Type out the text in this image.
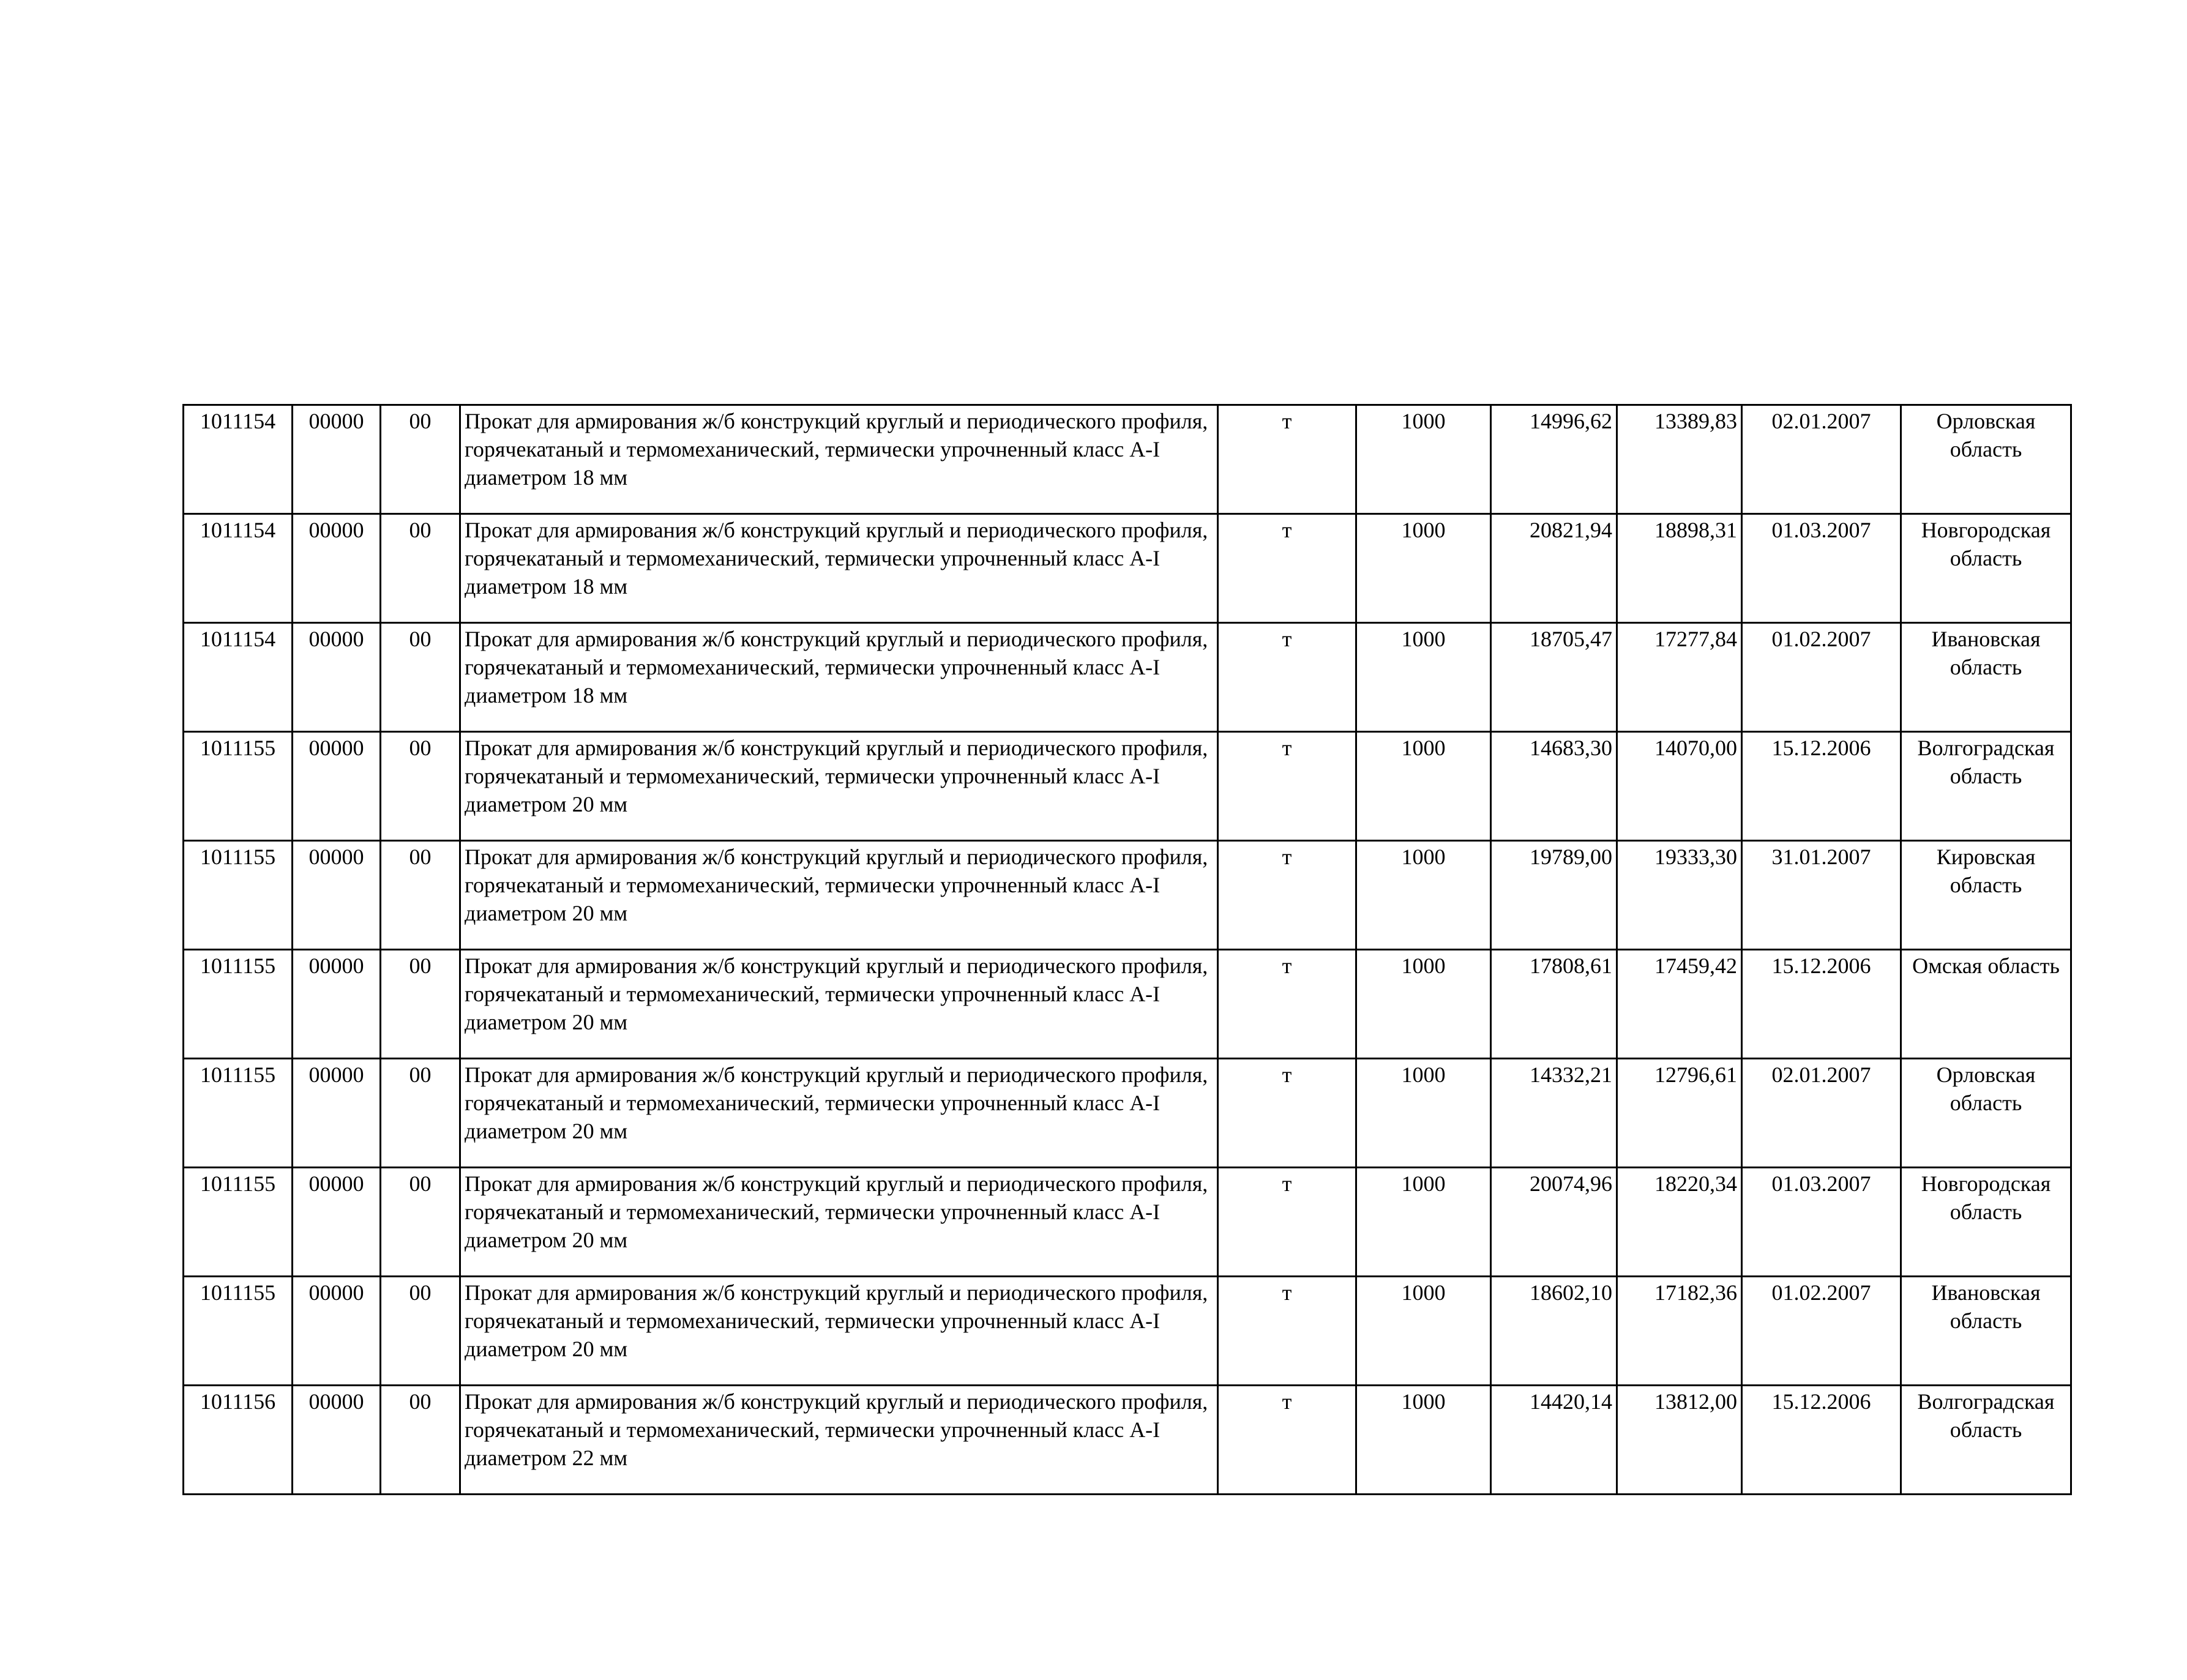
1011154	00000	00	Прокат для армирования ж/б конструкций круглый и периодического профиля, горячекатаный и термомеханический, термически упрочненный класс А-I диаметром 18 мм	т	1000	14996,62	13389,83	02.01.2007	Орловская область
1011154	00000	00	Прокат для армирования ж/б конструкций круглый и периодического профиля, горячекатаный и термомеханический, термически упрочненный класс А-I диаметром 18 мм	т	1000	20821,94	18898,31	01.03.2007	Новгородская область
1011154	00000	00	Прокат для армирования ж/б конструкций круглый и периодического профиля, горячекатаный и термомеханический, термически упрочненный класс А-I диаметром 18 мм	т	1000	18705,47	17277,84	01.02.2007	Ивановская область
1011155	00000	00	Прокат для армирования ж/б конструкций круглый и периодического профиля, горячекатаный и термомеханический, термически упрочненный класс А-I диаметром 20 мм	т	1000	14683,30	14070,00	15.12.2006	Волгоградская область
1011155	00000	00	Прокат для армирования ж/б конструкций круглый и периодического профиля, горячекатаный и термомеханический, термически упрочненный класс А-I диаметром 20 мм	т	1000	19789,00	19333,30	31.01.2007	Кировская область
1011155	00000	00	Прокат для армирования ж/б конструкций круглый и периодического профиля, горячекатаный и термомеханический, термически упрочненный класс А-I диаметром 20 мм	т	1000	17808,61	17459,42	15.12.2006	Омская область
1011155	00000	00	Прокат для армирования ж/б конструкций круглый и периодического профиля, горячекатаный и термомеханический, термически упрочненный класс А-I диаметром 20 мм	т	1000	14332,21	12796,61	02.01.2007	Орловская область
1011155	00000	00	Прокат для армирования ж/б конструкций круглый и периодического профиля, горячекатаный и термомеханический, термически упрочненный класс А-I диаметром 20 мм	т	1000	20074,96	18220,34	01.03.2007	Новгородская область
1011155	00000	00	Прокат для армирования ж/б конструкций круглый и периодического профиля, горячекатаный и термомеханический, термически упрочненный класс А-I диаметром 20 мм	т	1000	18602,10	17182,36	01.02.2007	Ивановская область
1011156	00000	00	Прокат для армирования ж/б конструкций круглый и периодического профиля, горячекатаный и термомеханический, термически упрочненный класс А-I диаметром 22 мм	т	1000	14420,14	13812,00	15.12.2006	Волгоградская область
